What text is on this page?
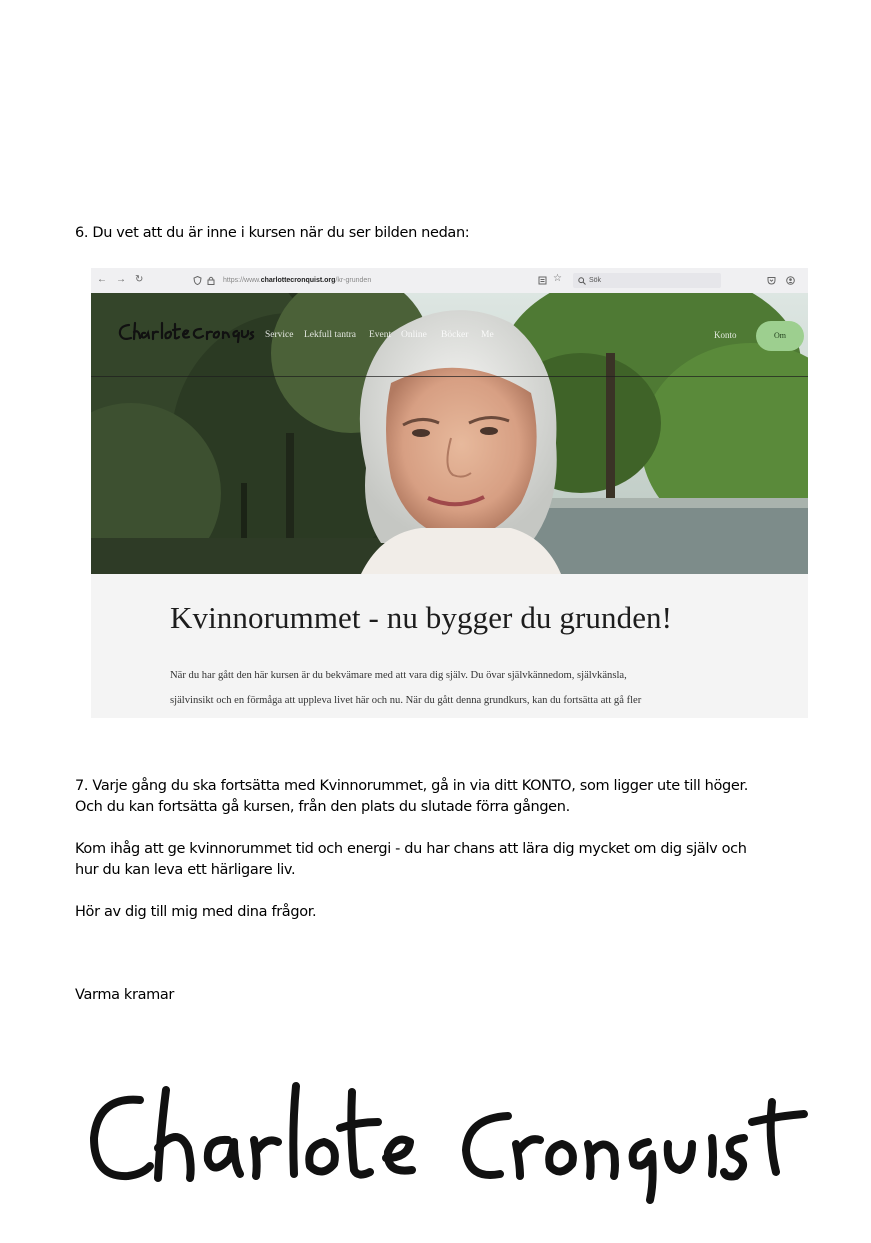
6. Du vet att du är inne i kursen när du ser bilden nedan:

← → ↻	https://www.charlottecronquist.org/kr-grunden	☆	Sök
Service Lekfull tantra Event Online Böcker Me	Konto	Om
Kvinnorummet - nu bygger du grunden!
När du har gått den här kursen är du bekvämare med att vara dig själv. Du övar självkännedom, självkänsla,
självinsikt och en förmåga att uppleva livet här och nu. När du gått denna grundkurs, kan du fortsätta att gå fler

7. Varje gång du ska fortsätta med Kvinnorummet, gå in via ditt KONTO, som ligger ute till höger.

Och du kan fortsätta gå kursen, från den plats du slutade förra gången.

Kom ihåg att ge kvinnorummet tid och energi - du har chans att lära dig mycket om dig själv och

hur du kan leva ett härligare liv.

Hör av dig till mig med dina frågor.

Varma kramar
